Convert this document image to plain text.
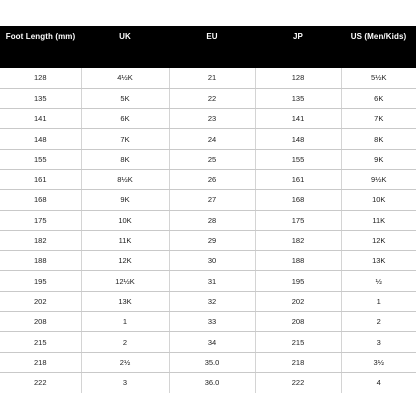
Foot Length (mm)	UK	EU	JP	US (Men/Kids)
128	4½K	21	128	5½K
135	5K	22	135	6K
141	6K	23	141	7K
148	7K	24	148	8K
155	8K	25	155	9K
161	8½K	26	161	9½K
168	9K	27	168	10K
175	10K	28	175	11K
182	11K	29	182	12K
188	12K	30	188	13K
195	12½K	31	195	½
202	13K	32	202	1
208	1	33	208	2
215	2	34	215	3
218	2½	35.0	218	3½
222	3	36.0	222	4
